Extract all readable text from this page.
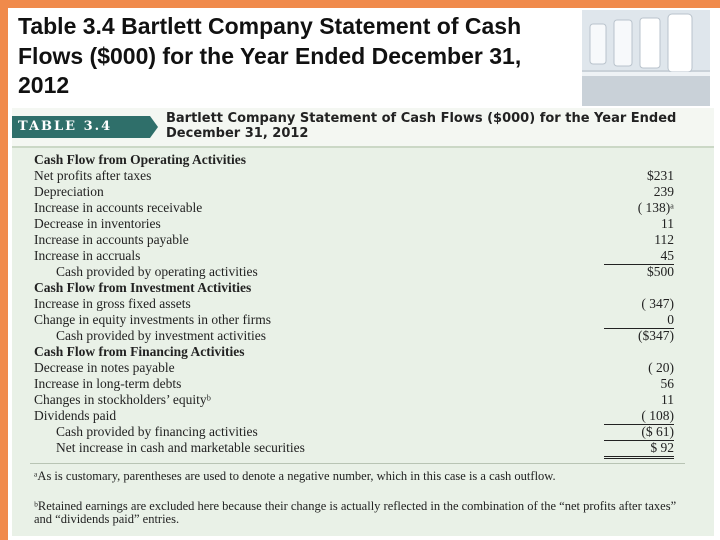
Table 3.4 Bartlett Company Statement of Cash Flows ($000) for the Year Ended December 31, 2012
TABLE 3.4
Bartlett Company Statement of Cash Flows ($000) for the Year Ended December 31, 2012
Cash Flow from Operating Activities
Net profits after taxes	$231
Depreciation	239
Increase in accounts receivable	( 138)ᵃ
Decrease in inventories	11
Increase in accounts payable	112
Increase in accruals	45
Cash provided by operating activities	$500
Cash Flow from Investment Activities
Increase in gross fixed assets	( 347)
Change in equity investments in other firms	0
Cash provided by investment activities	($347)
Cash Flow from Financing Activities
Decrease in notes payable	( 20)
Increase in long-term debts	56
Changes in stockholders’ equityᵇ	11
Dividends paid	( 108)
Cash provided by financing activities	($ 61)
Net increase in cash and marketable securities	$ 92
ᵃAs is customary, parentheses are used to denote a negative number, which in this case is a cash outflow.
ᵇRetained earnings are excluded here because their change is actually reflected in the combination of the “net profits after taxes” and “dividends paid” entries.
